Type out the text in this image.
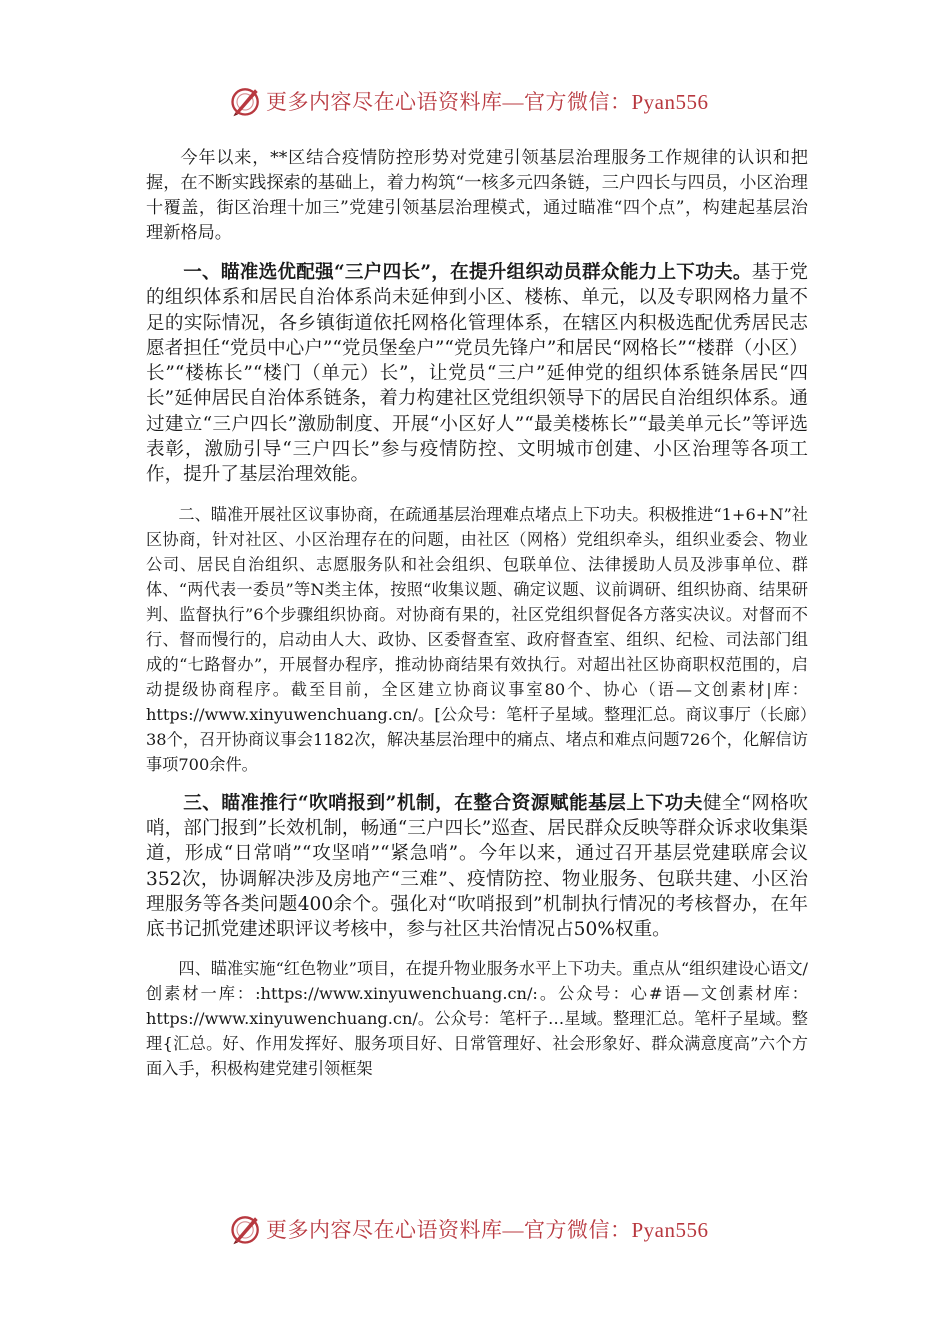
更多内容尽在心语资料库—官方微信：Pyan556

今年以来，**区结合疫情防控形势对党建引领基层治理服务工作规律的认识和把握，在不断实践探索的基础上，着力构筑“一核多元四条链，三户四长与四员，小区治理十覆盖，街区治理十加三”党建引领基层治理模式，通过瞄准“四个点”，构建起基层治理新格局。

一、瞄准选优配强“三户四长”，在提升组织动员群众能力上下功夫。基于党的组织体系和居民自治体系尚未延伸到小区、楼栋、单元，以及专职网格力量不足的实际情况，各乡镇街道依托网格化管理体系，在辖区内积极选配优秀居民志愿者担任“党员中心户”“党员堡垒户”“党员先锋户”和居民“网格长”“楼群（小区）长”“楼栋长”“楼门（单元）长”，让党员“三户”延伸党的组织体系链条居民“四长”延伸居民自治体系链条，着力构建社区党组织领导下的居民自治组织体系。通过建立“三户四长”激励制度、开展“小区好人”“最美楼栋长”“最美单元长”等评选表彰，激励引导“三户四长”参与疫情防控、文明城市创建、小区治理等各项工作，提升了基层治理效能。

二、瞄准开展社区议事协商，在疏通基层治理难点堵点上下功夫。积极推进“1+6+N”社区协商，针对社区、小区治理存在的问题，由社区（网格）党组织牵头，组织业委会、物业公司、居民自治组织、志愿服务队和社会组织、包联单位、法律援助人员及涉事单位、群体、“两代表一委员”等N类主体，按照“收集议题、确定议题、议前调研、组织协商、结果研判、监督执行”6个步骤组织协商。对协商有果的，社区党组织督促各方落实决议。对督而不行、督而慢行的，启动由人大、政协、区委督查室、政府督查室、组织、纪检、司法部门组成的“七路督办”，开展督办程序，推动协商结果有效执行。对超出社区协商职权范围的，启动提级协商程序。截至目前，全区建立协商议事室80个、协心（语—文创素材|库：https://www.xinyuwenchuang.cn/。[公众号：笔杆子星域。整理汇总。商议事厅（长廊）38个，召开协商议事会1182次，解决基层治理中的痛点、堵点和难点问题726个，化解信访事项700余件。

三、瞄准推行“吹哨报到”机制，在整合资源赋能基层上下功夫健全“网格吹哨，部门报到”长效机制，畅通“三户四长”巡查、居民群众反映等群众诉求收集渠道，形成“日常哨”“攻坚哨”“紧急哨”。今年以来，通过召开基层党建联席会议352次，协调解决涉及房地产“三难”、疫情防控、物业服务、包联共建、小区治理服务等各类问题400余个。强化对“吹哨报到”机制执行情况的考核督办，在年底书记抓党建述职评议考核中，参与社区共治情况占50%权重。

四、瞄准实施“红色物业”项目，在提升物业服务水平上下功夫。重点从“组织建设心语文/创素材一库：:https://www.xinyuwenchuang.cn/:。公众号：心#语—文创素材库：https://www.xinyuwenchuang.cn/。公众号：笔杆子…星域。整理汇总。笔杆子星域。整理{汇总。好、作用发挥好、服务项目好、日常管理好、社会形象好、群众满意度高”六个方面入手，积极构建党建引领框架

更多内容尽在心语资料库—官方微信：Pyan556
